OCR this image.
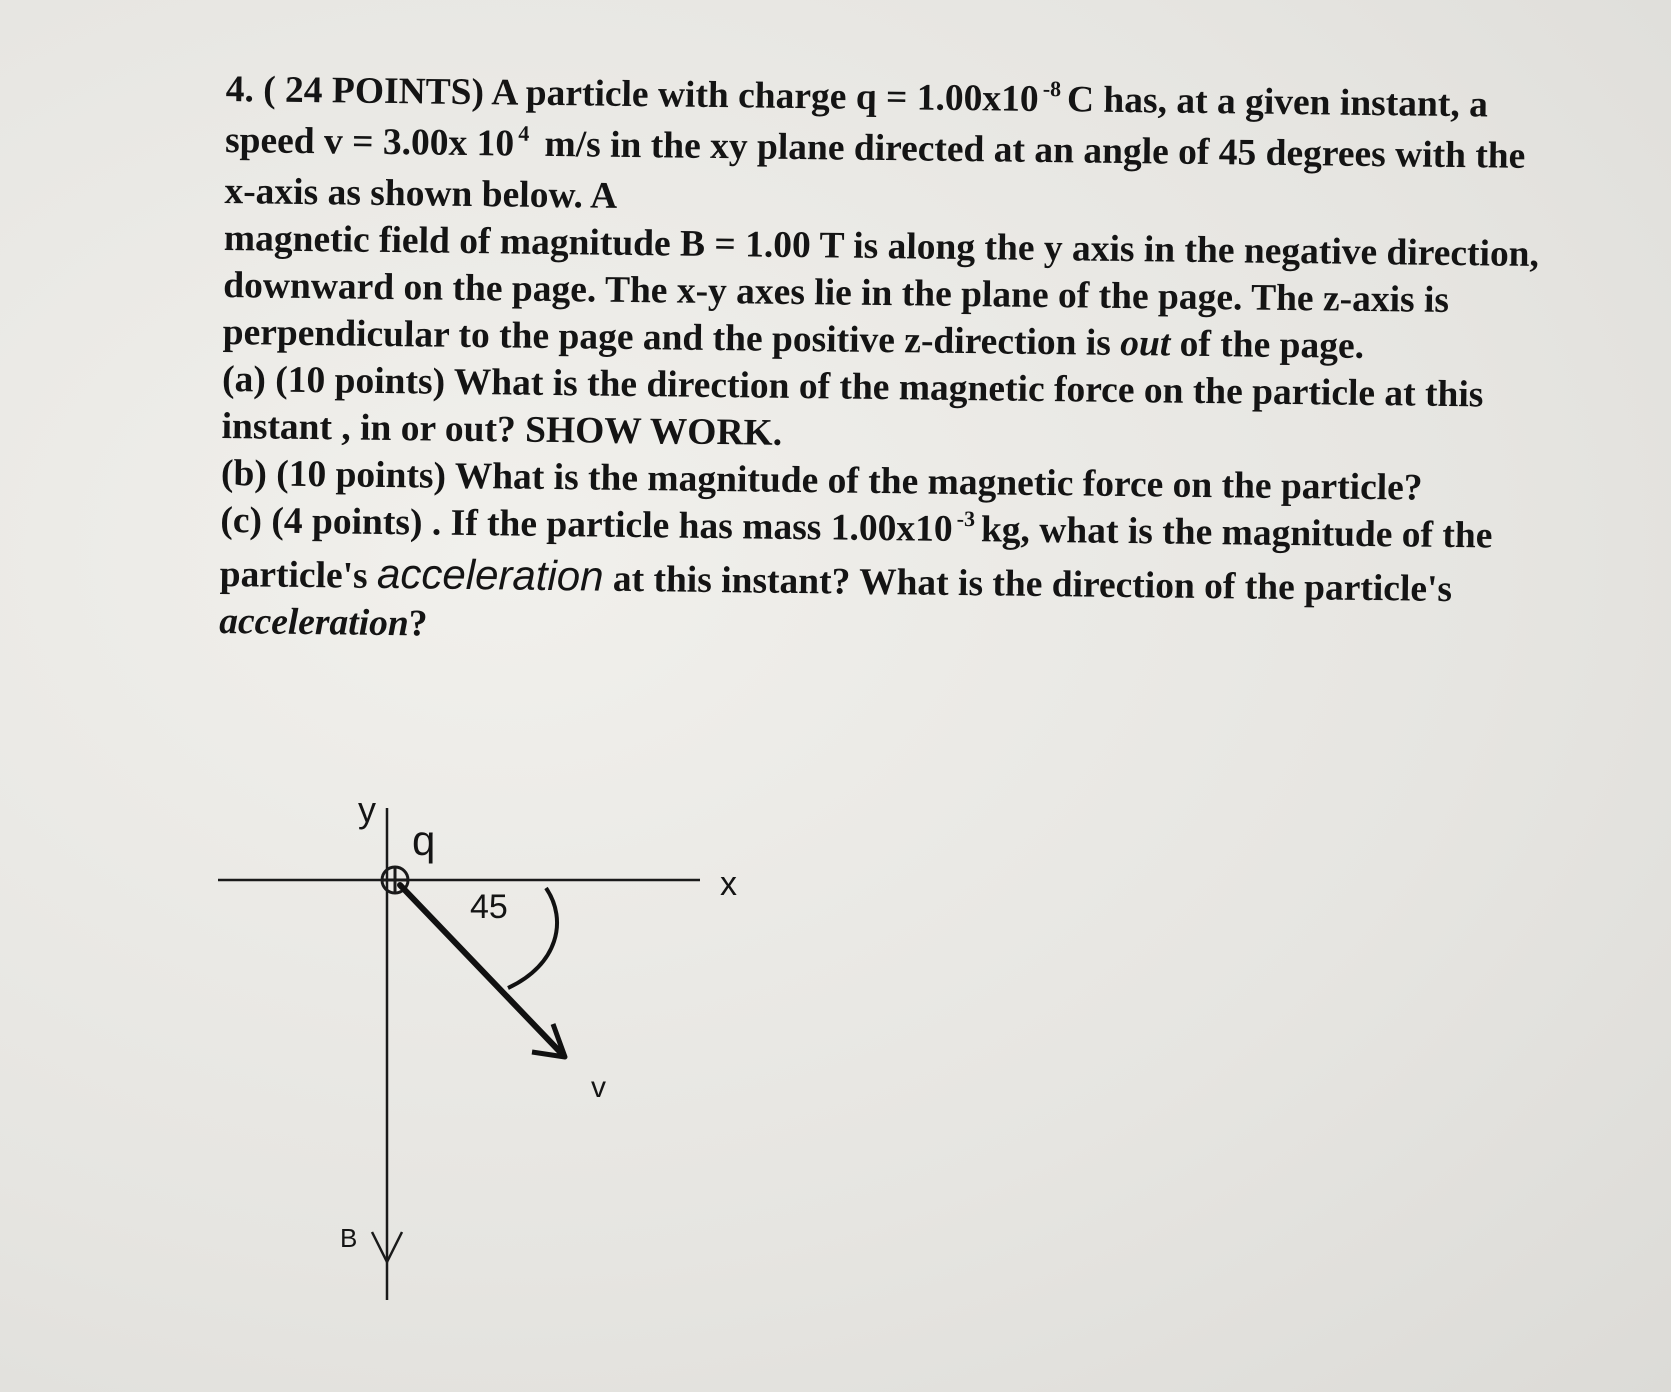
4. ( 24 POINTS) A particle with charge q = 1.00x10 $^{-8}$ C has, at a given instant, a speed v = 3.00x 10 $^4$ m/s in the xy plane directed at an angle of 45 degrees with the x-axis as shown below. A

magnetic field of magnitude B = 1.00 T is along the y axis in the negative direction, downward on the page. The x-y axes lie in the plane of the page. The z-axis is perpendicular to the page and the positive z-direction is out of the page.

(a) (10 points) What is the direction of the magnetic force on the particle at this instant , in or out? SHOW WORK.

(b) (10 points) What is the magnitude of the magnetic force on the particle?

(c) (4 points) . If the particle has mass 1.00x10 $^{-3}$ kg, what is the magnitude of the particle's acceleration at this instant? What is the direction of the particle's acceleration?

y
q
x
45
v
B
